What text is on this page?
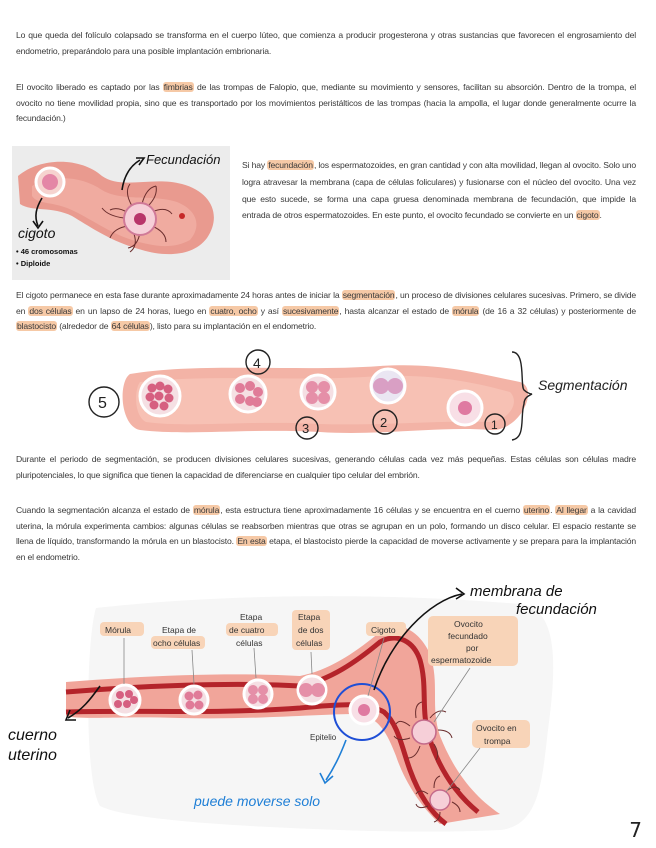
Lo que queda del folículo colapsado se transforma en el cuerpo lúteo, que comienza a producir progesterona y otras sustancias que favorecen el engrosamiento del endometrio, preparándolo para una posible implantación embrionaria.
El ovocito liberado es captado por las fimbrias de las trompas de Falopio, que, mediante su movimiento y sensores, facilitan su absorción. Dentro de la trompa, el ovocito no tiene movilidad propia, sino que es transportado por los movimientos peristálticos de las trompas (hacia la ampolla, el lugar donde generalmente ocurre la fecundación.)
Fecundación
cigoto
• 46 cromosomas
• Diploide
Si hay fecundación, los espermatozoides, en gran cantidad y con alta movilidad, llegan al ovocito. Solo uno logra atravesar la membrana (capa de células foliculares) y fusionarse con el núcleo del ovocito. Una vez que esto sucede, se forma una capa gruesa denominada membrana de fecundación, que impide la entrada de otros espermatozoides. En este punto, el ovocito fecundado se convierte en un cigoto.
El cigoto permanece en esta fase durante aproximadamente 24 horas antes de iniciar la segmentación, un proceso de divisiones celulares sucesivas. Primero, se divide en dos células en un lapso de 24 horas, luego en cuatro, ocho y así sucesivamente, hasta alcanzar el estado de mórula (de 16 a 32 células) y posteriormente de blastocisto (alrededor de 64 células), listo para su implantación en el endometrio.
1
2
3
4
5
Segmentación
Durante el periodo de segmentación, se producen divisiones celulares sucesivas, generando células cada vez más pequeñas. Estas células son células madre pluripotenciales, lo que significa que tienen la capacidad de diferenciarse en cualquier tipo celular del embrión.
Cuando la segmentación alcanza el estado de mórula, esta estructura tiene aproximadamente 16 células y se encuentra en el cuerno uterino. Al llegar a la cavidad uterina, la mórula experimenta cambios: algunas células se reabsorben mientras que otras se agrupan en un polo, formando un disco celular. El espacio restante se llena de líquido, transformando la mórula en un blastocisto. En esta etapa, el blastocisto pierde la capacidad de moverse activamente y se prepara para la implantación en el endometrio.
Mórula	Etapa de
ocho células
Etapa
de cuatro
células
Etapa
de dos
células
Cigoto
Ovocito
fecundado
por
espermatozoide
Ovocito en
trompa
Epitelio
membrana de
fecundación
cuerno
uterino
puede moverse solo
7
